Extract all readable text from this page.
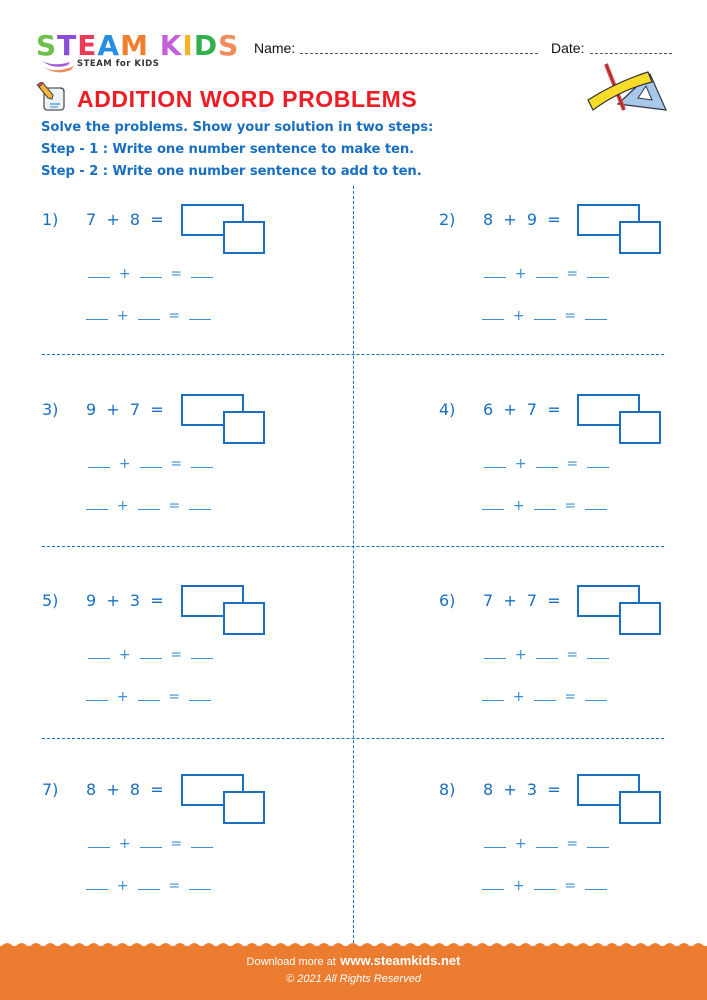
STEAM KIDS
STEAM for KIDS
Name:	Date:
ADDITION WORD PROBLEMS
Solve the problems. Show your solution in two steps:
Step - 1 : Write one number sentence to make ten.
Step - 2 : Write one number sentence to add to ten.
1) 7  +  8  =
+    =
+    =
2) 8  +  9  =
+    =
+    =
3) 9  +  7  =
+    =
+    =
4) 6  +  7  =
+    =
+    =
5) 9  +  3  =
+    =
+    =
6) 7  +  7  =
+    =
+    =
7) 8  +  8  =
+    =
+    =
8) 8  +  3  =
+    =
+    =
Download more at www.steamkids.net
© 2021 All Rights Reserved
